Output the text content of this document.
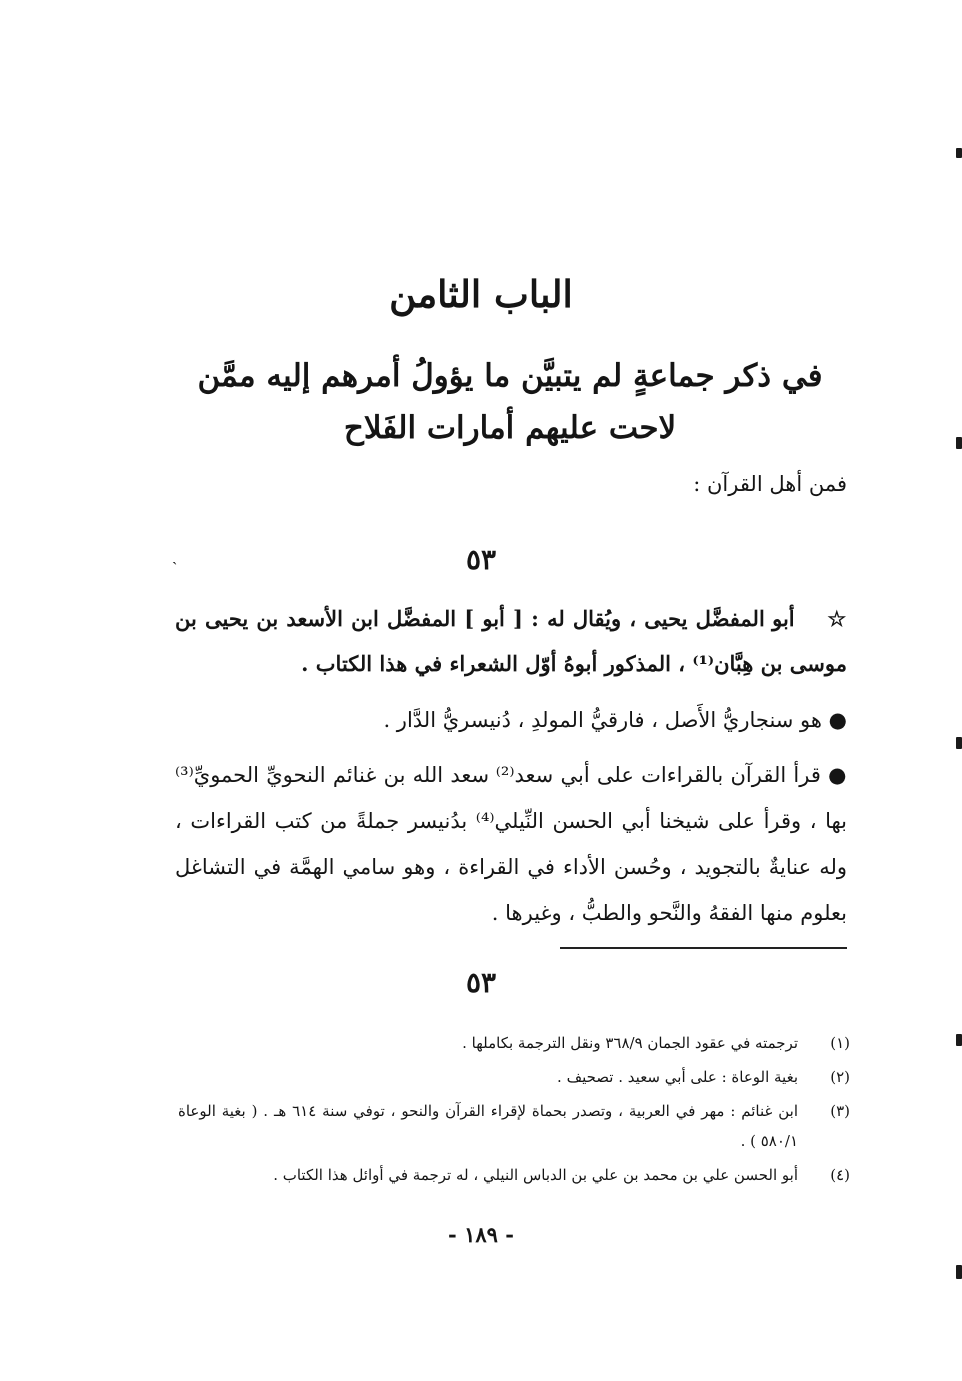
الباب الثامن
في ذكر جماعةٍ لم يتبيَّن ما يؤولُ أمرهم إليه ممَّن لاحت عليهم أمارات الفَلاح
فمن أهل القرآن :
ˎ	٥٣
☆    أبو المفضَّل يحيى ، ويُقال له : [ أبو ] المفضَّل ابن الأسعد بن يحيى بن موسى بن هِبَّان⁽¹⁾ ، المذكور أبوهُ أوّل الشعراء في هذا الكتاب .
● هو سنجاريُّ الأَصل ، فارقيُّ المولدِ ، دُنيسريُّ الدَّار .
● قرأ القرآن بالقراءات على أبي سعد⁽²⁾ سعد الله بن غنائم النحويِّ الحمويِّ⁽³⁾ بها ، وقرأ على شيخنا أبي الحسن النِّيلي⁽⁴⁾ بدُنيسر جملةً من كتب القراءات ، وله عنايةٌ بالتجويد ، وحُسن الأداء في القراءة ، وهو سامي الهمَّة في التشاغل بعلوم منها الفقهُ والنَّحو والطبُّ ، وغيرها .
٥٣
(١)
ترجمته في عقود الجمان ٣٦٨/٩ ونقل الترجمة بكاملها .
(٢)
بغية الوعاة : على أبي سعيد . تصحيف .
(٣)
ابن غنائم : مهر في العربية ، وتصدر بحماة لإقراء القرآن والنحو ، توفي سنة ٦١٤ هـ . ( بغية الوعاة ٥٨٠/١ ) .
(٤)
أبو الحسن علي بن محمد بن علي بن الدباس النيلي ، له ترجمة في أوائل هذا الكتاب .
- ١٨٩ -
